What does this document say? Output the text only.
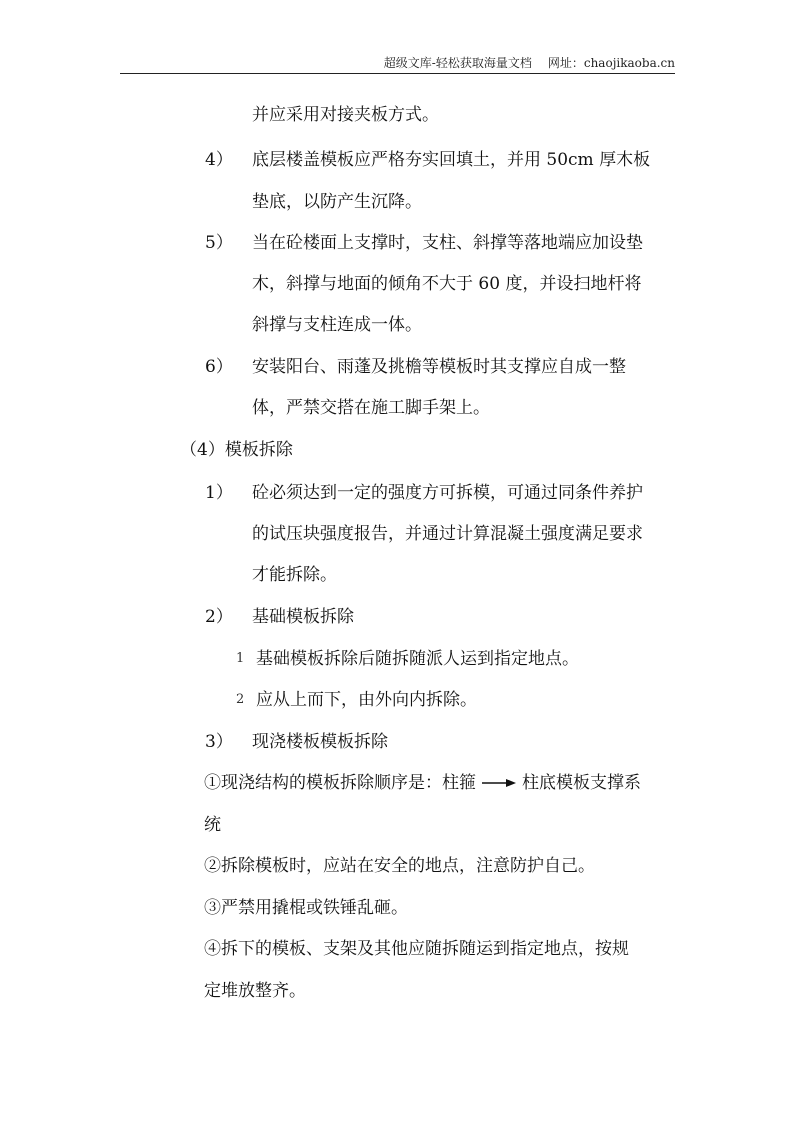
超级文库-轻松获取海量文档 网址：chaojikaoba.cn
并应采用对接夹板方式。
4） 底层楼盖模板应严格夯实回填土，并用 50cm 厚木板
垫底，以防产生沉降。
5） 当在砼楼面上支撑时，支柱、斜撑等落地端应加设垫
木，斜撑与地面的倾角不大于 60 度，并设扫地杆将
斜撑与支柱连成一体。
6） 安装阳台、雨蓬及挑檐等模板时其支撑应自成一整
体，严禁交搭在施工脚手架上。
（4）模板拆除
1） 砼必须达到一定的强度方可拆模，可通过同条件养护
的试压块强度报告，并通过计算混凝土强度满足要求
才能拆除。
2） 基础模板拆除
1 基础模板拆除后随拆随派人运到指定地点。
2 应从上而下，由外向内拆除。
3） 现浇楼板模板拆除
①现浇结构的模板拆除顺序是：柱箍	柱底模板支撑系
统
②拆除模板时，应站在安全的地点，注意防护自己。
③严禁用撬棍或铁锤乱砸。
④拆下的模板、支架及其他应随拆随运到指定地点，按规
定堆放整齐。
